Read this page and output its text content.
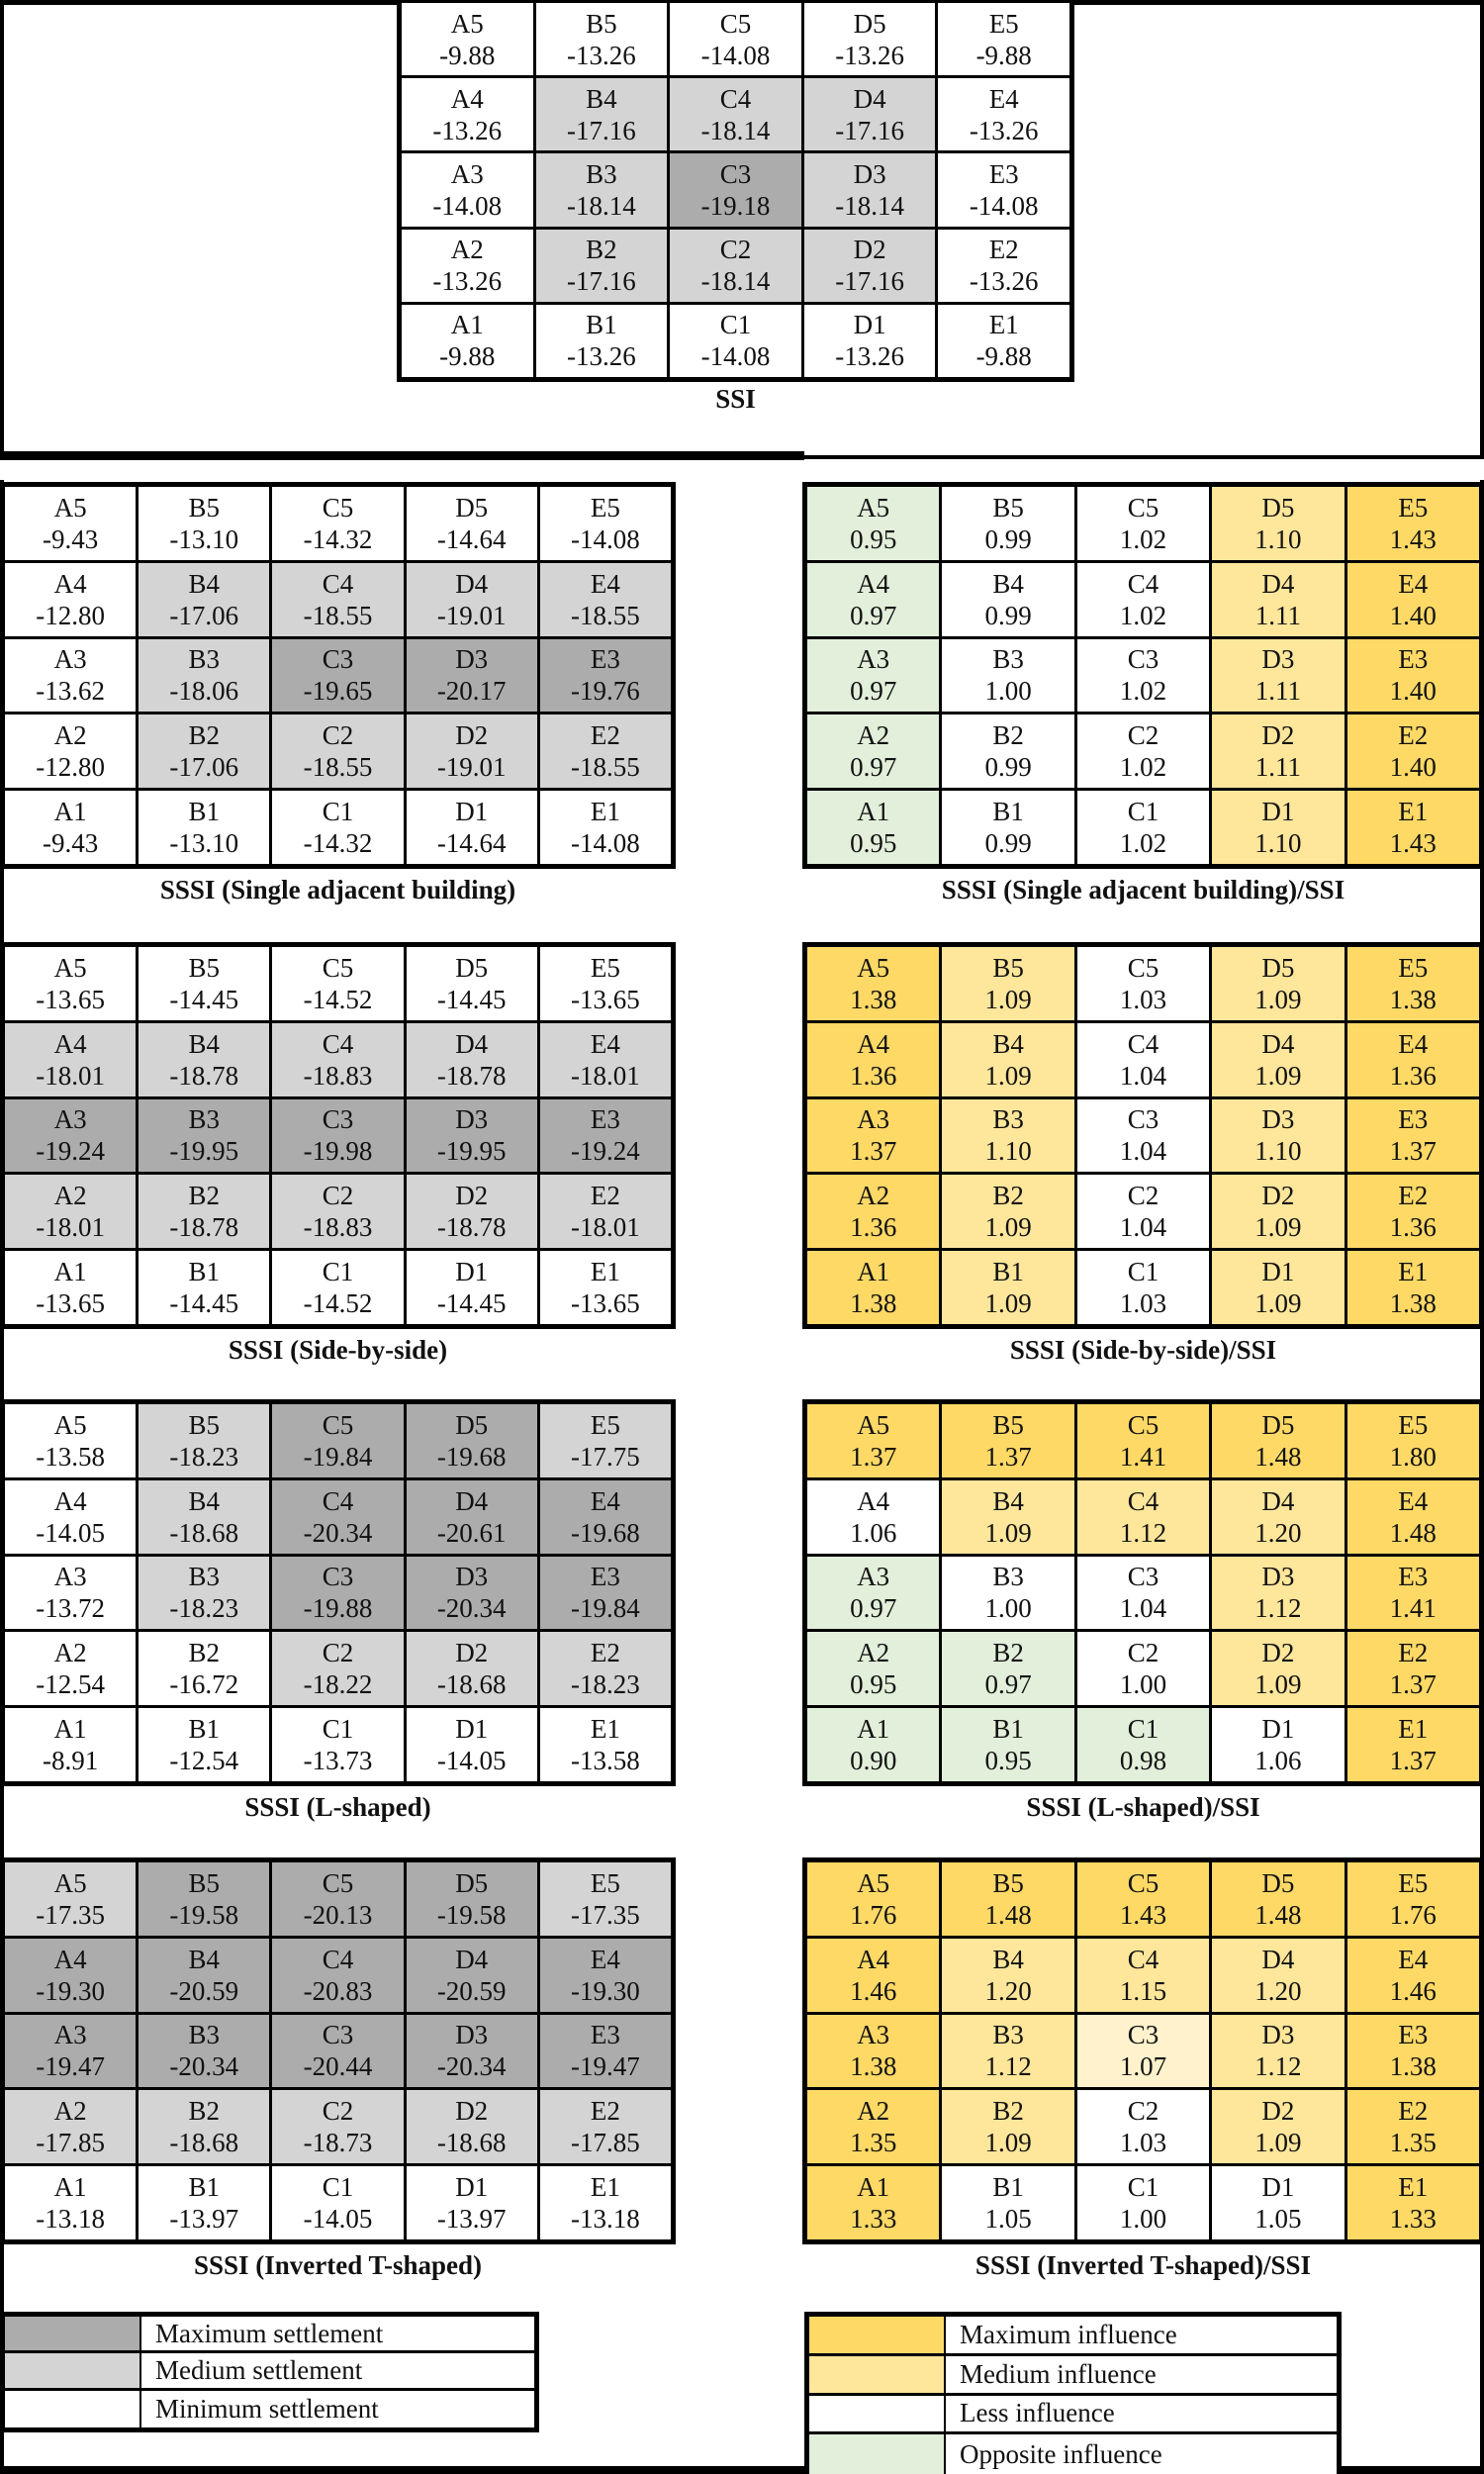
A5
-9.88
B5
-13.26
C5
-14.08
D5
-13.26
E5
-9.88
A4
-13.26
B4
-17.16
C4
-18.14
D4
-17.16
E4
-13.26
A3
-14.08
B3
-18.14
C3
-19.18
D3
-18.14
E3
-14.08
A2
-13.26
B2
-17.16
C2
-18.14
D2
-17.16
E2
-13.26
A1
-9.88
B1
-13.26
C1
-14.08
D1
-13.26
E1
-9.88
SSI
A5
-9.43
B5
-13.10
C5
-14.32
D5
-14.64
E5
-14.08
A4
-12.80
B4
-17.06
C4
-18.55
D4
-19.01
E4
-18.55
A3
-13.62
B3
-18.06
C3
-19.65
D3
-20.17
E3
-19.76
A2
-12.80
B2
-17.06
C2
-18.55
D2
-19.01
E2
-18.55
A1
-9.43
B1
-13.10
C1
-14.32
D1
-14.64
E1
-14.08
SSSI (Single adjacent building)
A5
0.95
B5
0.99
C5
1.02
D5
1.10
E5
1.43
A4
0.97
B4
0.99
C4
1.02
D4
1.11
E4
1.40
A3
0.97
B3
1.00
C3
1.02
D3
1.11
E3
1.40
A2
0.97
B2
0.99
C2
1.02
D2
1.11
E2
1.40
A1
0.95
B1
0.99
C1
1.02
D1
1.10
E1
1.43
SSSI (Single adjacent building)/SSI
A5
-13.65
B5
-14.45
C5
-14.52
D5
-14.45
E5
-13.65
A4
-18.01
B4
-18.78
C4
-18.83
D4
-18.78
E4
-18.01
A3
-19.24
B3
-19.95
C3
-19.98
D3
-19.95
E3
-19.24
A2
-18.01
B2
-18.78
C2
-18.83
D2
-18.78
E2
-18.01
A1
-13.65
B1
-14.45
C1
-14.52
D1
-14.45
E1
-13.65
SSSI (Side-by-side)
A5
1.38
B5
1.09
C5
1.03
D5
1.09
E5
1.38
A4
1.36
B4
1.09
C4
1.04
D4
1.09
E4
1.36
A3
1.37
B3
1.10
C3
1.04
D3
1.10
E3
1.37
A2
1.36
B2
1.09
C2
1.04
D2
1.09
E2
1.36
A1
1.38
B1
1.09
C1
1.03
D1
1.09
E1
1.38
SSSI (Side-by-side)/SSI
A5
-13.58
B5
-18.23
C5
-19.84
D5
-19.68
E5
-17.75
A4
-14.05
B4
-18.68
C4
-20.34
D4
-20.61
E4
-19.68
A3
-13.72
B3
-18.23
C3
-19.88
D3
-20.34
E3
-19.84
A2
-12.54
B2
-16.72
C2
-18.22
D2
-18.68
E2
-18.23
A1
-8.91
B1
-12.54
C1
-13.73
D1
-14.05
E1
-13.58
SSSI (L-shaped)
A5
1.37
B5
1.37
C5
1.41
D5
1.48
E5
1.80
A4
1.06
B4
1.09
C4
1.12
D4
1.20
E4
1.48
A3
0.97
B3
1.00
C3
1.04
D3
1.12
E3
1.41
A2
0.95
B2
0.97
C2
1.00
D2
1.09
E2
1.37
A1
0.90
B1
0.95
C1
0.98
D1
1.06
E1
1.37
SSSI (L-shaped)/SSI
A5
-17.35
B5
-19.58
C5
-20.13
D5
-19.58
E5
-17.35
A4
-19.30
B4
-20.59
C4
-20.83
D4
-20.59
E4
-19.30
A3
-19.47
B3
-20.34
C3
-20.44
D3
-20.34
E3
-19.47
A2
-17.85
B2
-18.68
C2
-18.73
D2
-18.68
E2
-17.85
A1
-13.18
B1
-13.97
C1
-14.05
D1
-13.97
E1
-13.18
SSSI (Inverted T-shaped)
A5
1.76
B5
1.48
C5
1.43
D5
1.48
E5
1.76
A4
1.46
B4
1.20
C4
1.15
D4
1.20
E4
1.46
A3
1.38
B3
1.12
C3
1.07
D3
1.12
E3
1.38
A2
1.35
B2
1.09
C2
1.03
D2
1.09
E2
1.35
A1
1.33
B1
1.05
C1
1.00
D1
1.05
E1
1.33
SSSI (Inverted T-shaped)/SSI
Maximum settlement
Medium settlement
Minimum settlement
Maximum influence
Medium influence
Less influence
Opposite influence
